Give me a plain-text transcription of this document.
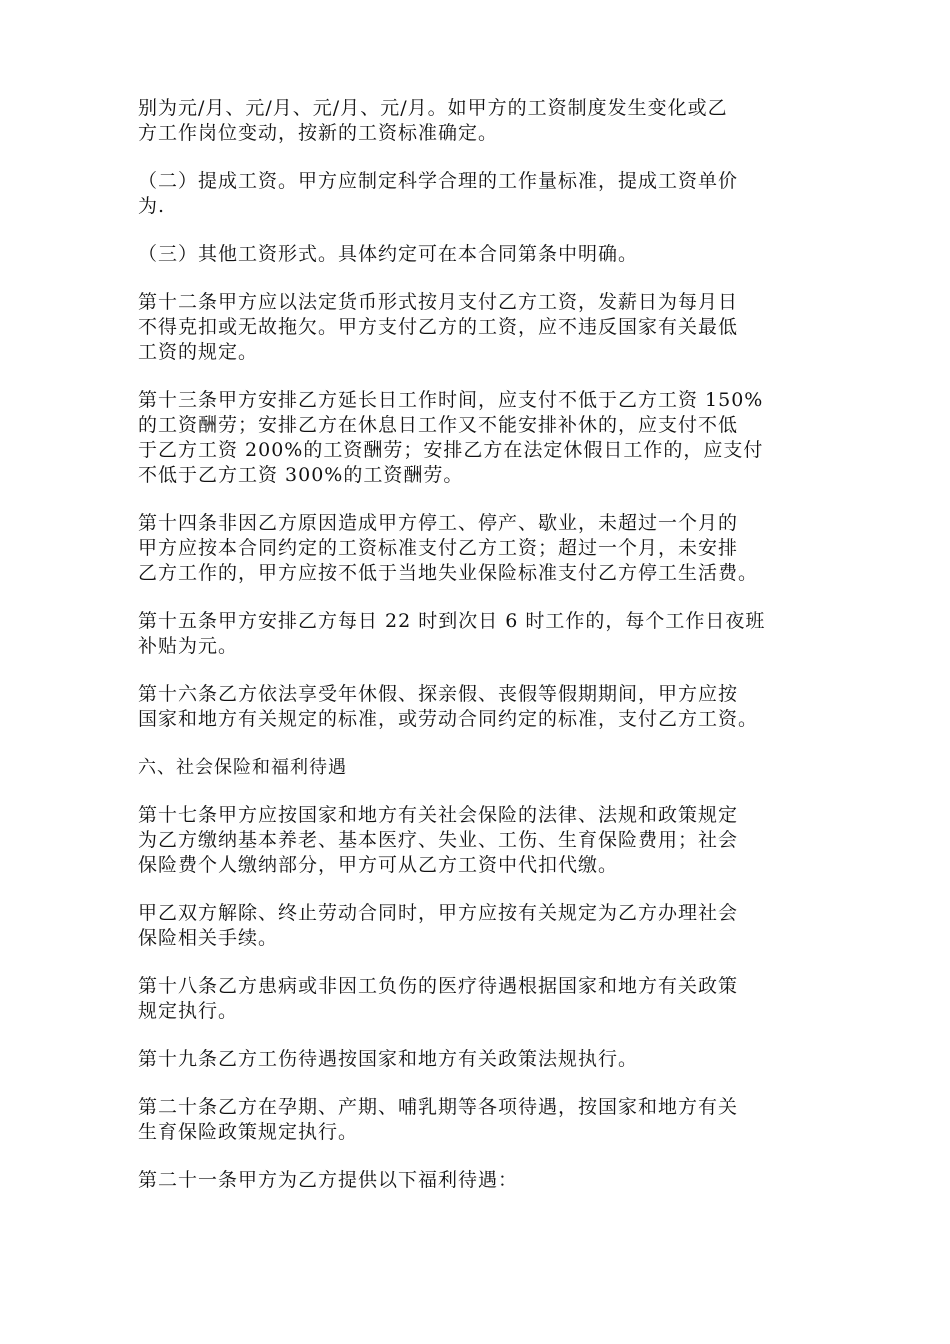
别为元/月、元/月、元/月、元/月。如甲方的工资制度发生变化或乙
方工作岗位变动，按新的工资标准确定。

（二）提成工资。甲方应制定科学合理的工作量标准，提成工资单价
为.

（三）其他工资形式。具体约定可在本合同第条中明确。

第十二条甲方应以法定货币形式按月支付乙方工资，发薪日为每月日
不得克扣或无故拖欠。甲方支付乙方的工资，应不违反国家有关最低
工资的规定。

第十三条甲方安排乙方延长日工作时间，应支付不低于乙方工资 150%
的工资酬劳；安排乙方在休息日工作又不能安排补休的，应支付不低
于乙方工资 200%的工资酬劳；安排乙方在法定休假日工作的，应支付
不低于乙方工资 300%的工资酬劳。

第十四条非因乙方原因造成甲方停工、停产、歇业，未超过一个月的
甲方应按本合同约定的工资标准支付乙方工资；超过一个月，未安排
乙方工作的，甲方应按不低于当地失业保险标准支付乙方停工生活费。

第十五条甲方安排乙方每日 22 时到次日 6 时工作的，每个工作日夜班
补贴为元。

第十六条乙方依法享受年休假、探亲假、丧假等假期期间，甲方应按
国家和地方有关规定的标准，或劳动合同约定的标准，支付乙方工资。

六、社会保险和福利待遇

第十七条甲方应按国家和地方有关社会保险的法律、法规和政策规定
为乙方缴纳基本养老、基本医疗、失业、工伤、生育保险费用；社会
保险费个人缴纳部分，甲方可从乙方工资中代扣代缴。

甲乙双方解除、终止劳动合同时，甲方应按有关规定为乙方办理社会
保险相关手续。

第十八条乙方患病或非因工负伤的医疗待遇根据国家和地方有关政策
规定执行。

第十九条乙方工伤待遇按国家和地方有关政策法规执行。

第二十条乙方在孕期、产期、哺乳期等各项待遇，按国家和地方有关
生育保险政策规定执行。

第二十一条甲方为乙方提供以下福利待遇：
